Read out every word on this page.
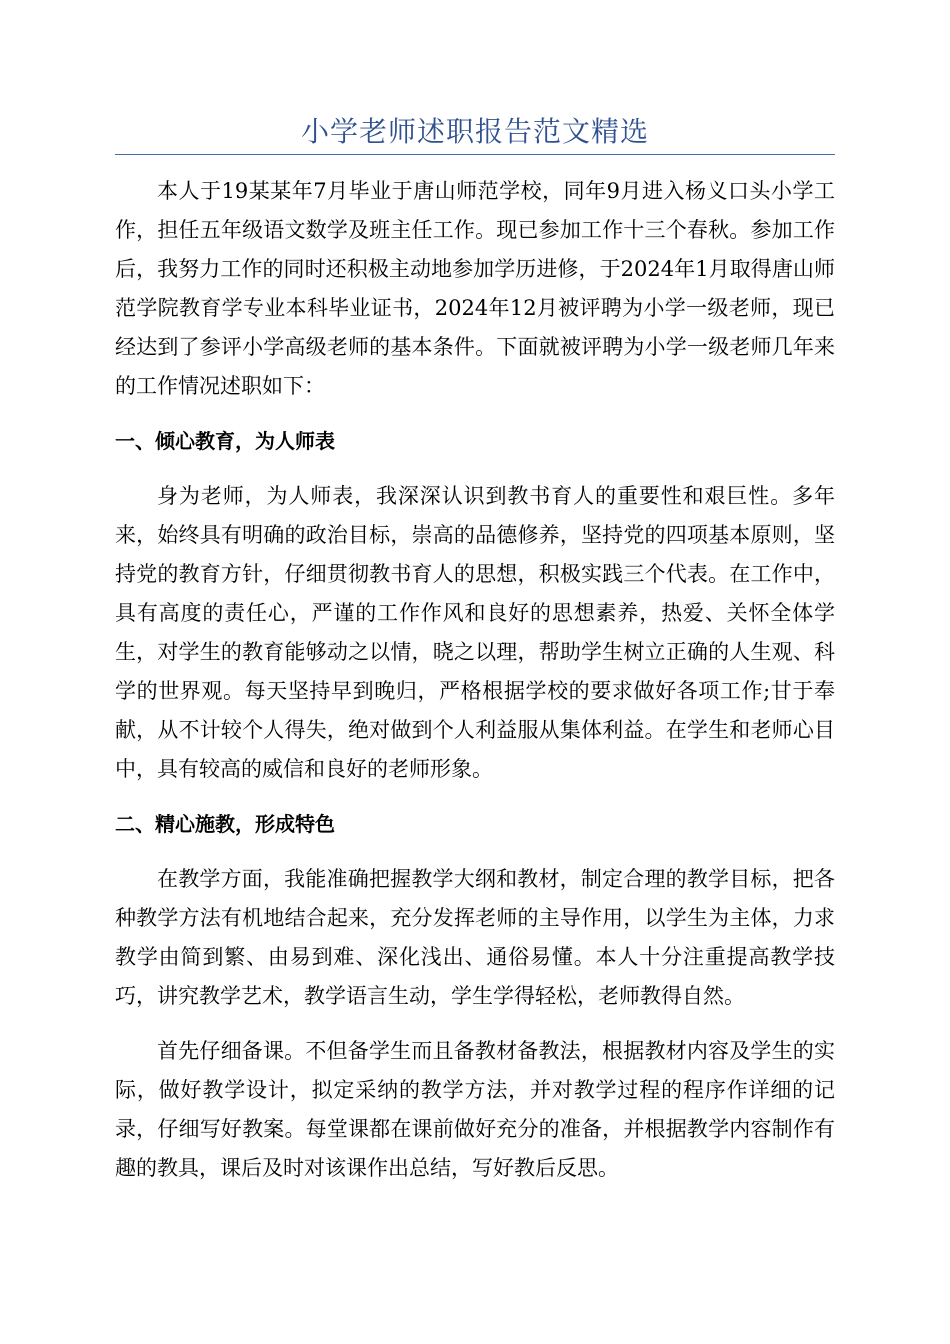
小学老师述职报告范文精选

本人于19某某年7月毕业于唐山师范学校，同年9月进入杨义口头小学工作，担任五年级语文数学及班主任工作。现已参加工作十三个春秋。参加工作后，我努力工作的同时还积极主动地参加学历进修，于2024年1月取得唐山师范学院教育学专业本科毕业证书，2024年12月被评聘为小学一级老师，现已经达到了参评小学高级老师的基本条件。下面就被评聘为小学一级老师几年来的工作情况述职如下：

一、倾心教育，为人师表

身为老师，为人师表，我深深认识到教书育人的重要性和艰巨性。多年来，始终具有明确的政治目标，崇高的品德修养，坚持党的四项基本原则，坚持党的教育方针，仔细贯彻教书育人的思想，积极实践三个代表。在工作中，具有高度的责任心，严谨的工作作风和良好的思想素养，热爱、关怀全体学生，对学生的教育能够动之以情，晓之以理，帮助学生树立正确的人生观、科学的世界观。每天坚持早到晚归，严格根据学校的要求做好各项工作;甘于奉献，从不计较个人得失，绝对做到个人利益服从集体利益。在学生和老师心目中，具有较高的威信和良好的老师形象。

二、精心施教，形成特色

在教学方面，我能准确把握教学大纲和教材，制定合理的教学目标，把各种教学方法有机地结合起来，充分发挥老师的主导作用，以学生为主体，力求教学由简到繁、由易到难、深化浅出、通俗易懂。本人十分注重提高教学技巧，讲究教学艺术，教学语言生动，学生学得轻松，老师教得自然。

首先仔细备课。不但备学生而且备教材备教法，根据教材内容及学生的实际，做好教学设计，拟定采纳的教学方法，并对教学过程的程序作详细的记录，仔细写好教案。每堂课都在课前做好充分的准备，并根据教学内容制作有趣的教具，课后及时对该课作出总结，写好教后反思。
